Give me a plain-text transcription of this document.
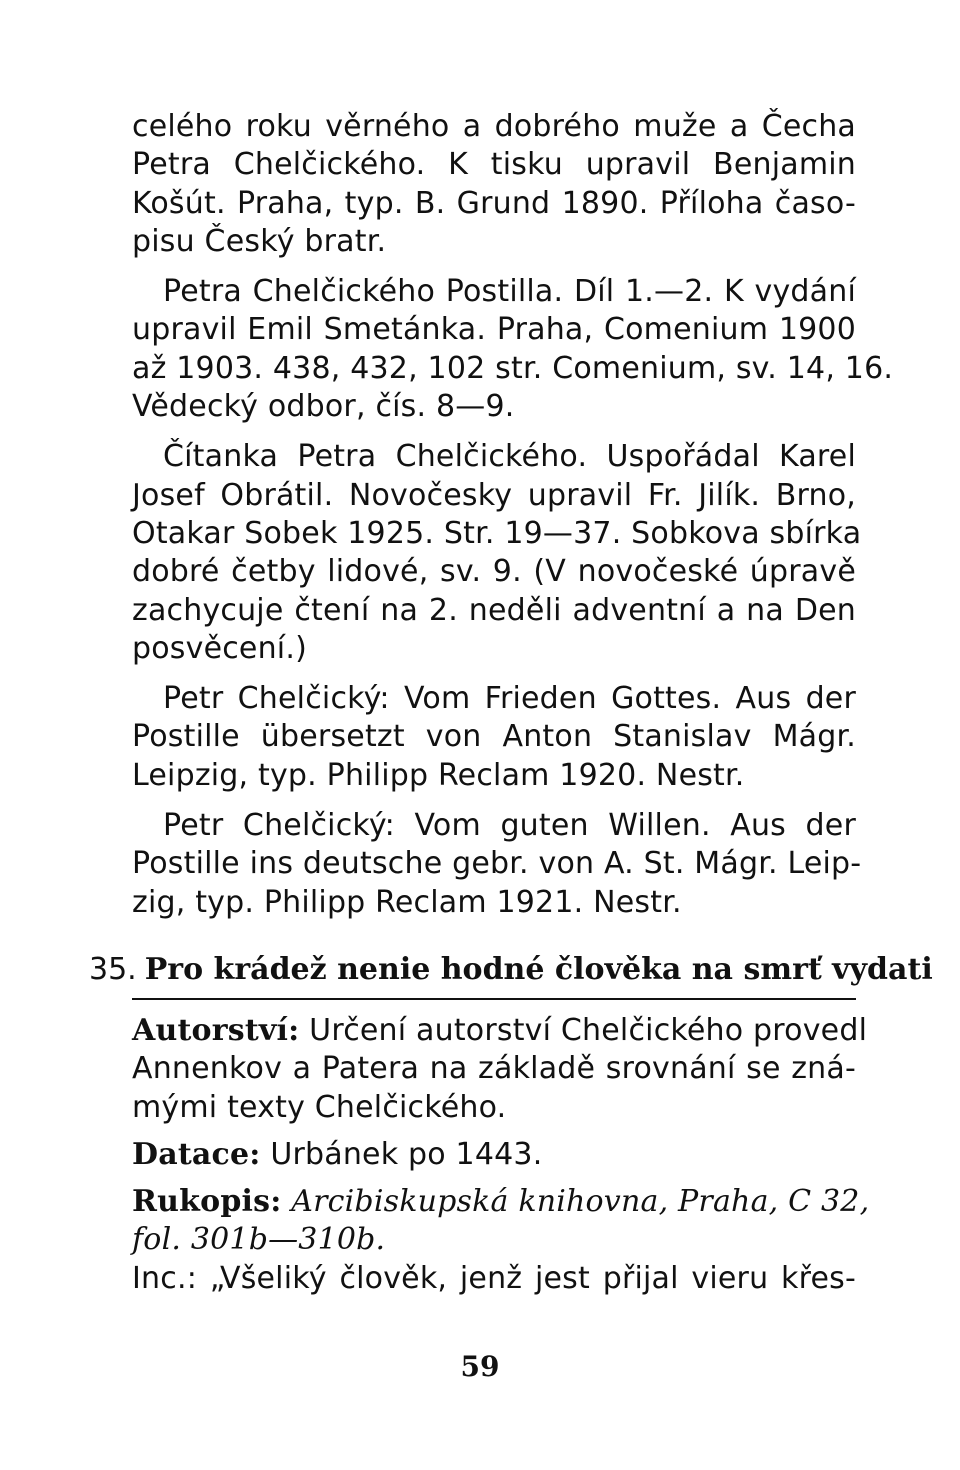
celého roku věrného a dobrého muže a Čecha
Petra Chelčického. K tisku upravil Benjamin
Košút. Praha, typ. B. Grund 1890. Příloha časo-
pisu Český bratr.

Petra Chelčického Postilla. Díl 1.—2. K vydání
upravil Emil Smetánka. Praha, Comenium 1900
až 1903. 438, 432, 102 str. Comenium, sv. 14, 16.
Vědecký odbor, čís. 8—9.

Čítanka Petra Chelčického. Uspořádal Karel
Josef Obrátil. Novočesky upravil Fr. Jilík. Brno,
Otakar Sobek 1925. Str. 19—37. Sobkova sbírka
dobré četby lidové, sv. 9. (V novočeské úpravě
zachycuje čtení na 2. neděli adventní a na Den
posvěcení.)

Petr Chelčický: Vom Frieden Gottes. Aus der
Postille übersetzt von Anton Stanislav Mágr.
Leipzig, typ. Philipp Reclam 1920. Nestr.

Petr Chelčický: Vom guten Willen. Aus der
Postille ins deutsche gebr. von A. St. Mágr. Leip-
zig, typ. Philipp Reclam 1921. Nestr.

35. Pro krádež nenie hodné člověka na smrť vydati

Autorství: Určení autorství Chelčického provedl
Annenkov a Patera na základě srovnání se zná-
mými texty Chelčického.

Datace: Urbánek po 1443.

Rukopis: Arcibiskupská knihovna, Praha, C 32,
fol. 301b—310b.
Inc.: „Všeliký člověk, jenž jest přijal vieru křes-

59
